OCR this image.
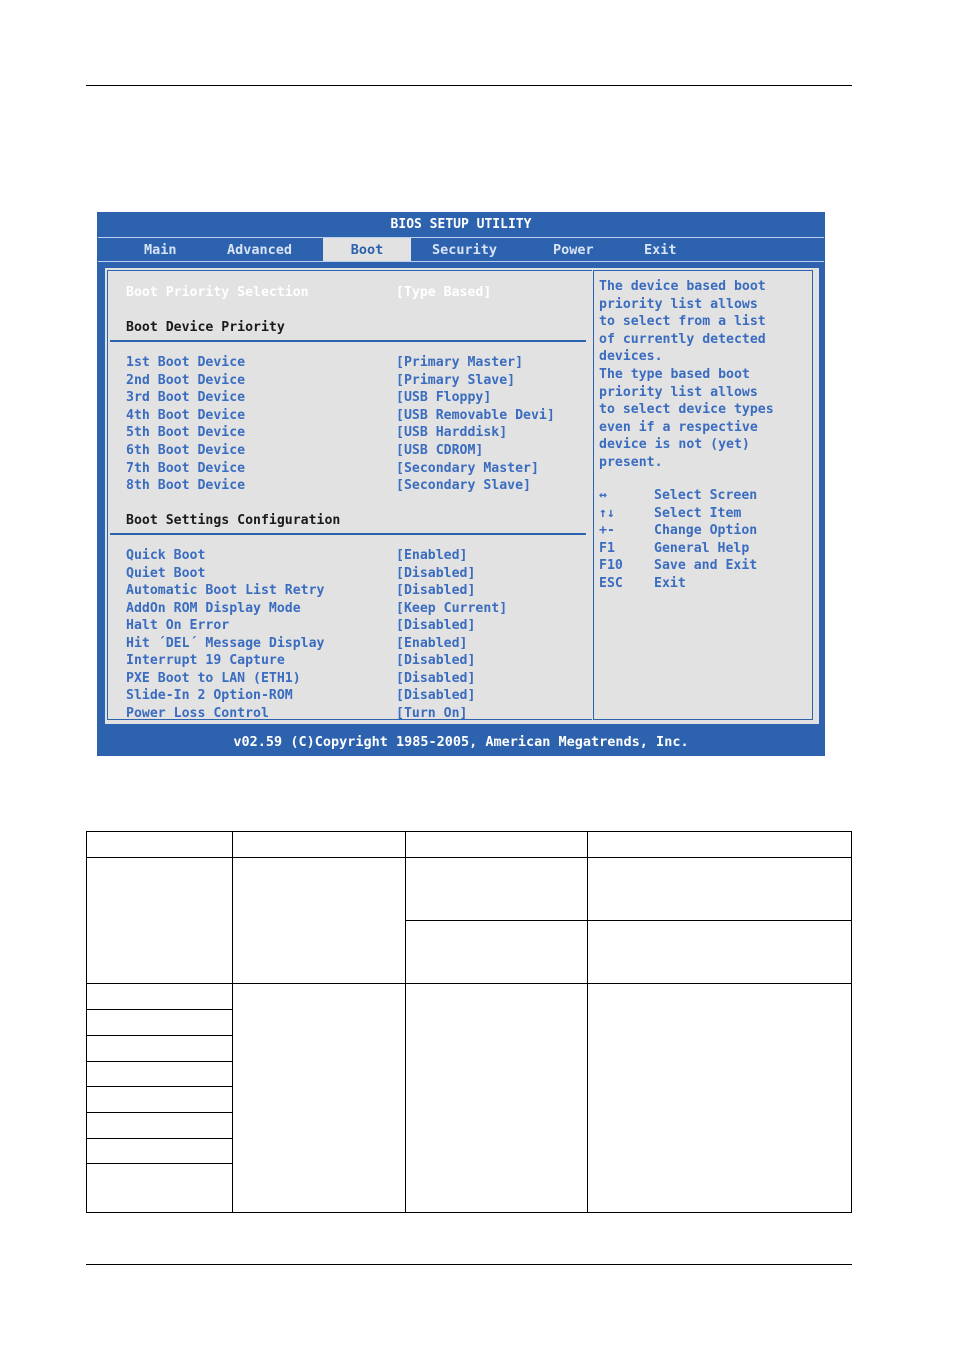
BIOS SETUP UTILITY
Main	Advanced	Boot	Security	Power	Exit
Boot Priority Selection	[Type Based]
Boot Device Priority
1st Boot Device	[Primary Master]
2nd Boot Device	[Primary Slave]
3rd Boot Device	[USB Floppy]
4th Boot Device	[USB Removable Devi]
5th Boot Device	[USB Harddisk]
6th Boot Device	[USB CDROM]
7th Boot Device	[Secondary Master]
8th Boot Device	[Secondary Slave]
Boot Settings Configuration
Quick Boot	[Enabled]
Quiet Boot	[Disabled]
Automatic Boot List Retry	[Disabled]
AddOn ROM Display Mode	[Keep Current]
Halt On Error	[Disabled]
Hit ´DEL´ Message Display	[Enabled]
Interrupt 19 Capture	[Disabled]
PXE Boot to LAN (ETH1)	[Disabled]
Slide-In 2 Option-ROM	[Disabled]
Power Loss Control	[Turn On]
The device based boot
priority list allows
to select from a list
of currently detected
devices.
The type based boot
priority list allows
to select device types
even if a respective
device is not (yet)
present.
↔	Select Screen
↑↓	Select Item
+-	Change Option
F1	General Help
F10 Save and Exit
ESC Exit
v02.59 (C)Copyright 1985-2005, American Megatrends, Inc.
